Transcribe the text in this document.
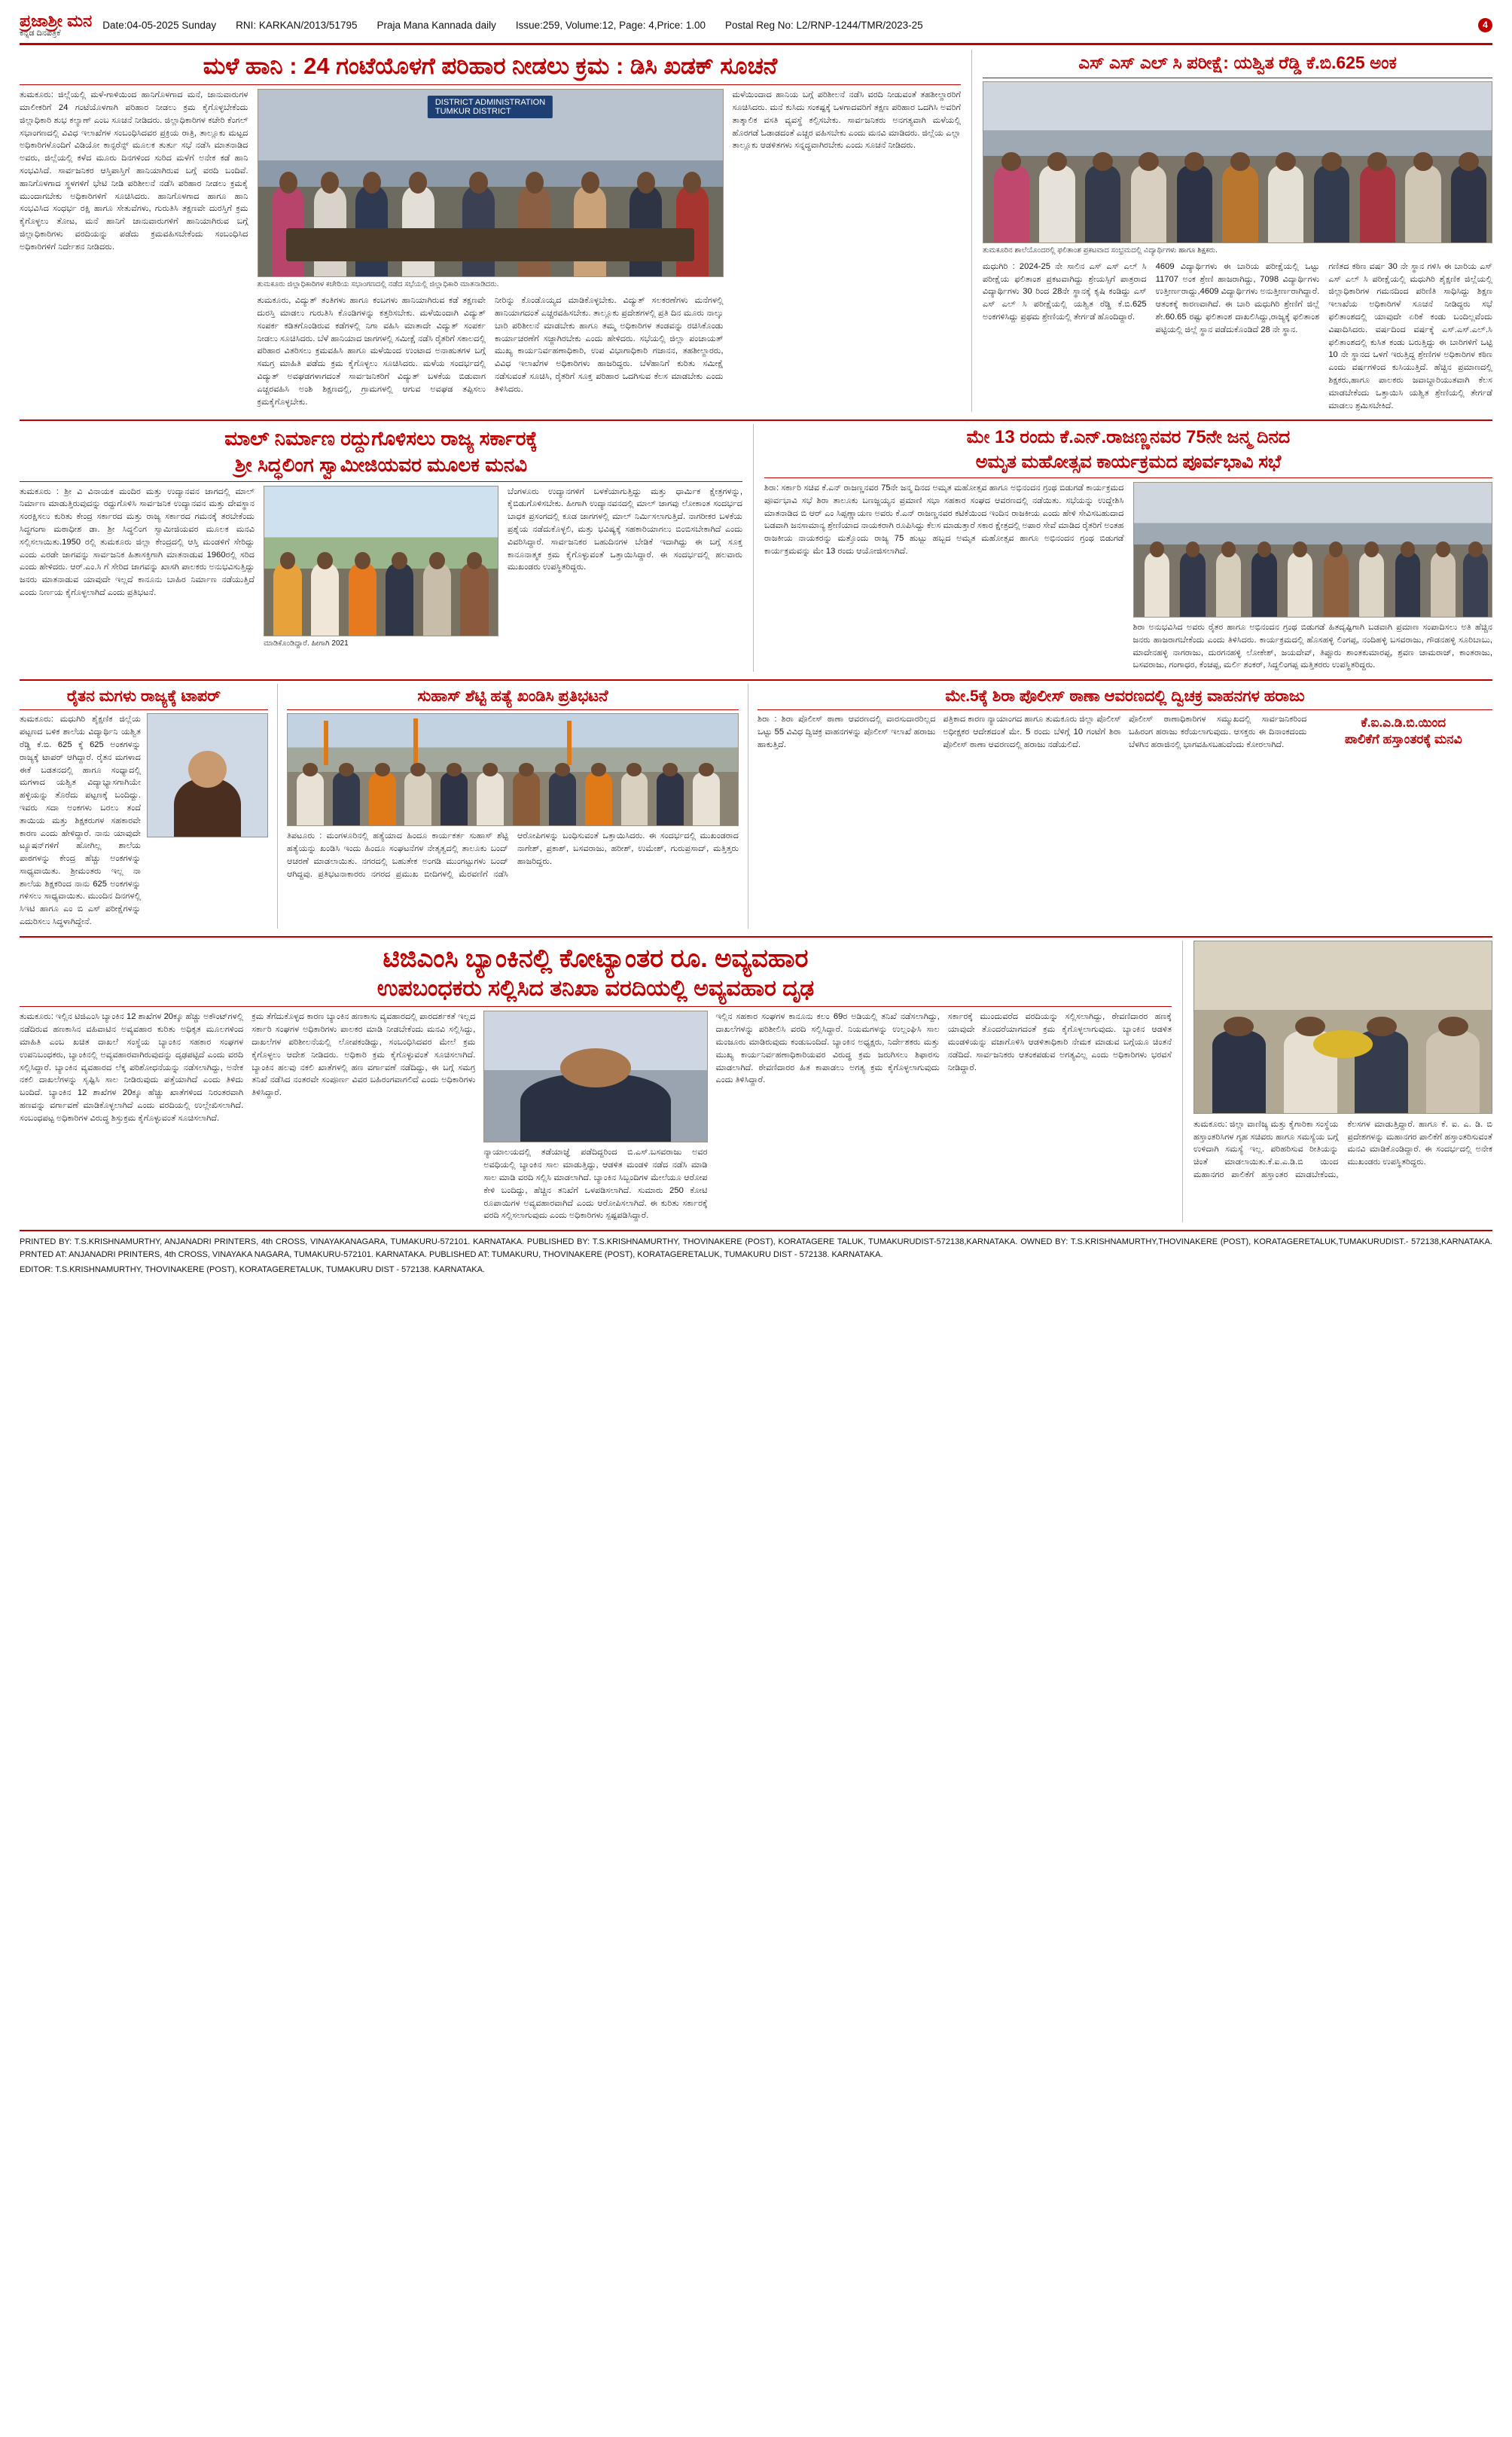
ಪ್ರಜಾಶ್ರೀ ಮನ
ಕನ್ನಡ ದಿನಪತ್ರಿಕೆ
Date:04-05-2025 Sunday RNI: KARKAN/2013/51795 Praja Mana Kannada daily Issue:259, Volume:12, Page: 4,Price: 1.00 Postal Reg No: L2/RNP-1244/TMR/2023-25	4
ಮಳೆ ಹಾನಿ : 24 ಗಂಟೆಯೊಳಗೆ ಪರಿಹಾರ ನೀಡಲು ಕ್ರಮ : ಡಿಸಿ ಖಡಕ್ ಸೂಚನೆ
ತುಮಕೂರು: ಜಿಲ್ಲೆಯಲ್ಲಿ ಮಳೆ-ಗಾಳಿಯಿಂದ ಹಾನಿಗೊಳಗಾದ ಮನೆ, ಜಾನುವಾರುಗಳ ಮಾಲೀಕರಿಗೆ 24 ಗಂಟೆಯೊಳಗಾಗಿ ಪರಿಹಾರ ನೀಡಲು ಕ್ರಮ ಕೈಗೊಳ್ಳಬೇಕೆಂದು ಜಿಲ್ಲಾಧಿಕಾರಿ ಶುಭ ಕಲ್ಯಾಣ್ ಎಂಬ ಸೂಚನೆ ನೀಡಿದರು. ಜಿಲ್ಲಾಧಿಕಾರಿಗಳ ಕಚೇರಿ ಕೆಂಗಲ್ ಸಭಾಂಗಣದಲ್ಲಿ ವಿವಿಧ ಇಲಾಖೆಗಳ ಸಂಬಂಧಿಸಿದವರ ಪ್ರಕ್ರಿಯ ರಾತ್ರಿ, ತಾಲ್ಲೂಕು ಮಟ್ಟದ ಅಧಿಕಾರಿಗಳೊಂದಿಗೆ ವಿಡಿಯೋ ಕಾನ್ಫರೆನ್ಸ್ ಮೂಲಕ ತುರ್ತು ಸಭೆ ನಡೆಸಿ ಮಾತನಾಡಿದ ಅವರು, ಜಿಲ್ಲೆಯಲ್ಲಿ ಕಳೆದ ಮೂರು ದಿನಗಳಿಂದ ಸುರಿದ ಮಳೆಗೆ ಅನೇಕ ಕಡೆ ಹಾನಿ ಸಂಭವಿಸಿದೆ. ಸಾರ್ವಜನಿಕರ ಆಸ್ತಿಪಾಸ್ತಿಗೆ ಹಾನಿಯಾಗಿರುವ ಬಗ್ಗೆ ವರದಿ ಬಂದಿವೆ. ಹಾನಿಗೊಳಗಾದ ಸ್ಥಳಗಳಿಗೆ ಭೇಟಿ ನೀಡಿ ಪರಿಶೀಲನೆ ನಡೆಸಿ ಪರಿಹಾರ ನೀಡಲು ಕ್ರಮಕೈ ಮುಂದಾಗಬೇಕು ಅಧಿಕಾರಿಗಳಿಗೆ ಸೂಚಿಸಿದರು. ಹಾನಿಗೊಳಗಾದ ಹಾಗೂ ಹಾನಿ ಸಂಭವಿಸಿದ ಸಂಧರ್ಭ ರಕ್ಷಿ ಹಾಗೂ ಸೇತುವೆಗಳು, ಗುರುತಿಸಿ ತಕ್ಷಣವೇ ದುರಸ್ತಿಗೆ ಕ್ರಮ ಕೈಗೊಳ್ಳಲು ತೋಟ, ಮನೆ ಹಾನಿಗೆ ಜಾನುವಾರುಗಳಿಗೆ ಹಾನಿಯಾಗಿರುವ ಬಗ್ಗೆ ಜಿಲ್ಲಾಧಿಕಾರಿಗಳು ವರದಿಯನ್ನು ಪಡೆದು ಕ್ರಮವಹಿಸಬೇಕೆಂದು ಸಂಬಂಧಿಸಿದ ಅಧಿಕಾರಿಗಳಿಗೆ ನಿರ್ದೇಶನ ನೀಡಿದರು.
DISTRICT ADMINISTRATION
TUMKUR DISTRICT
ತುಮಕೂರು ಜಿಲ್ಲಾಧಿಕಾರಿಗಳ ಕಚೇರಿಯ ಸಭಾಂಗಣದಲ್ಲಿ ನಡೆದ ಸಭೆಯಲ್ಲಿ ಜಿಲ್ಲಾಧಿಕಾರಿ ಮಾತನಾಡಿದರು.
ತುಮಕೂರು, ವಿದ್ಯುತ್ ತಂತಿಗಳು ಹಾಗೂ ಕಂಬಗಳು ಹಾನಿಯಾಗಿರುವ ಕಡೆ ತಕ್ಷಣವೇ ದುರಸ್ತಿ ಮಾಡಲು ಗುರುತಿಸಿ ಕೊಂಡಿಗಳನ್ನು ಕತ್ತರಿಸಬೇಕು. ಮಳೆಯಿಂದಾಗಿ ವಿದ್ಯುತ್ ಸಂಪರ್ಕ ಕಡಿತಗೊಂಡಿರುವ ಕಡೆಗಳಲ್ಲಿ ನಿಗಾ ವಹಿಸಿ ಮಾತಾದೇ ವಿದ್ಯುತ್ ಸಂಪರ್ಕ ನೀಡಲು ಸೂಚಿಸಿದರು. ಬೆಳೆ ಹಾನಿಯಾದ ಜಾಗಗಳಲ್ಲಿ ಸಮೀಕ್ಷೆ ನಡೆಸಿ ರೈತರಿಗೆ ಸಕಾಲದಲ್ಲಿ ಪರಿಹಾರ ವಿತರಿಸಲು ಕ್ರಮವಹಿಸಿ ಹಾಗೂ ಮಳೆಯಿಂದ ಉಂಟಾದ ಅನಾಹುತಗಳ ಬಗ್ಗೆ ಸಮಗ್ರ ಮಾಹಿತಿ ಪಡೆದು ಕ್ರಮ ಕೈಗೊಳ್ಳಲು ಸೂಚಿಸಿದರು. ಮಳೆಯ ಸಂದರ್ಭದಲ್ಲಿ ವಿದ್ಯುತ್ ಅವಘಡಗಳಾಗದಂತೆ ಸಾರ್ವಜನಿಕರಿಗೆ ವಿದ್ಯುತ್ ಬಳಕೆಯ ಬಿಡುವಾಗ ಎಚ್ಚರವಹಿಸಿ ಅಂಶಿ ಶಿಕ್ಷಣದಲ್ಲಿ, ಗ್ರಾಮಗಳಲ್ಲಿ ಆಗುವ ಅವಘಡ ತಪ್ಪಿಸಲು ಕ್ರಮಕೈಗೊಳ್ಳಬೇಕು.
ನೀರಿನ್ನು ಕೊಂಡೊಯ್ಯದ ಮಾಡಿಕೊಳ್ಳಬೇಕು. ವಿದ್ಯುತ್ ಸಲಕರಣೆಗಳು ಮನೆಗಳಲ್ಲಿ ಹಾನಿಯಾಗದಂತೆ ಎಚ್ಚರವಹಿಸಬೇಕು. ತಾಲ್ಲೂಕು ಪ್ರದೇಶಗಳಲ್ಲಿ ಪ್ರತಿ ದಿನ ಮೂರು ನಾಲ್ಕು ಬಾರಿ ಪರಿಶೀಲನೆ ಮಾಡಬೇಕು ಹಾಗೂ ತಮ್ಮ ಅಧಿಕಾರಿಗಳ ತಂಡವನ್ನು ರಚಿಸಿಕೊಂಡು ಕಾರ್ಯಾಚರಣೆಗೆ ಸಜ್ಜಾಗಿರಬೇಕು ಎಂದು ಹೇಳಿದರು. ಸಭೆಯಲ್ಲಿ ಜಿಲ್ಲಾ ಪಂಚಾಯತ್ ಮುಖ್ಯ ಕಾರ್ಯನಿರ್ವಹಣಾಧಿಕಾರಿ, ಉಪ ವಿಭಾಗಾಧಿಕಾರಿ ಗಜಾನನ, ತಹಶೀಲ್ದಾರರು, ವಿವಿಧ ಇಲಾಖೆಗಳ ಅಧಿಕಾರಿಗಳು ಹಾಜರಿದ್ದರು. ಬೆಳೆಹಾನಿಗೆ ಕುರಿತು ಸಮೀಕ್ಷೆ ನಡೆಸುವಂತೆ ಸೂಚಿಸಿ, ರೈತರಿಗೆ ಸೂಕ್ತ ಪರಿಹಾರ ಒದಗಿಸುವ ಕೆಲಸ ಮಾಡಬೇಕು ಎಂದು ತಿಳಿಸಿದರು.
ಮಳೆಯಿಂದಾದ ಹಾನಿಯ ಬಗ್ಗೆ ಪರಿಶೀಲನೆ ನಡೆಸಿ ವರದಿ ನೀಡುವಂತೆ ತಹಶೀಲ್ದಾರರಿಗೆ ಸೂಚಿಸಿದರು. ಮನೆ ಕುಸಿದು ಸಂಕಷ್ಟಕ್ಕೆ ಒಳಗಾದವರಿಗೆ ತಕ್ಷಣ ಪರಿಹಾರ ಒದಗಿಸಿ ಅವರಿಗೆ ತಾತ್ಕಾಲಿಕ ವಸತಿ ವ್ಯವಸ್ಥೆ ಕಲ್ಪಿಸಬೇಕು. ಸಾರ್ವಜನಿಕರು ಅನಗತ್ಯವಾಗಿ ಮಳೆಯಲ್ಲಿ ಹೊರಗಡೆ ಓಡಾಡದಂತೆ ಎಚ್ಚರ ವಹಿಸಬೇಕು ಎಂದು ಮನವಿ ಮಾಡಿದರು. ಜಿಲ್ಲೆಯ ಎಲ್ಲಾ ತಾಲ್ಲೂಕು ಆಡಳಿತಗಳು ಸನ್ನದ್ಧವಾಗಿರಬೇಕು ಎಂದು ಸೂಚನೆ ನೀಡಿದರು.
ಎಸ್ ಎಸ್ ಎಲ್ ಸಿ ಪರೀಕ್ಷೆ: ಯಶ್ವಿತ ರೆಡ್ಡಿ ಕೆ.ಬಿ.625 ಅಂಕ
ತುಮಕೂರಿನ ಶಾಲೆಯೊಂದರಲ್ಲಿ ಫಲಿತಾಂಶ ಪ್ರಕಟವಾದ ಸಂಭ್ರಮದಲ್ಲಿ ವಿದ್ಯಾರ್ಥಿಗಳು ಹಾಗೂ ಶಿಕ್ಷಕರು.
ಮಧುಗಿರಿ : 2024-25 ನೇ ಸಾಲಿನ ಎಸ್ ಎಸ್ ಎಲ್ ಸಿ ಪರೀಕ್ಷೆಯ ಫಲಿತಾಂಶ ಪ್ರಕಟವಾಗಿದ್ದು ಶ್ರೇಯಸ್ಸಿಗೆ ಪಾತ್ರರಾದ ವಿದ್ಯಾರ್ಥಿಗಳು 30 ರಿಂದ 28ನೇ ಸ್ಥಾನಕ್ಕೆ ಕೃಷಿ ಕಂಡಿದ್ದು ಎಸ್ ಎಸ್ ಎಲ್ ಸಿ ಪರೀಕ್ಷೆಯಲ್ಲಿ ಯಶ್ವಿತ ರೆಡ್ಡಿ ಕೆ.ಬಿ.625 ಅಂಕಗಳಿಸಿದ್ದು ಪ್ರಥಮ ಶ್ರೇಣಿಯಲ್ಲಿ ತೇರ್ಗಡೆ ಹೊಂದಿದ್ದಾರೆ.
4609 ವಿದ್ಯಾರ್ಥಿಗಳು ಈ ಬಾರಿಯ ಪರೀಕ್ಷೆಯಲ್ಲಿ ಒಟ್ಟು 11707 ಅಂಕ ಶ್ರೇಣಿ ಹಾಜರಾಗಿದ್ದು, 7098 ವಿದ್ಯಾರ್ಥಿಗಳು ಉತ್ತೀರ್ಣರಾದ್ದು,4609 ವಿದ್ಯಾರ್ಥಿಗಳು ಅನುತ್ತೀರ್ಣರಾಗಿದ್ದಾರೆ. ಆತಂಕಕ್ಕೆ ಕಾರಣವಾಗಿದೆ. ಈ ಬಾರಿ ಮಧುಗಿರಿ ಶ್ರೇಣಿಗೆ ಜಿಲ್ಲೆ ಶೇ.60.65 ರಷ್ಟು ಫಲಿತಾಂಶ ದಾಖಲಿಸಿದ್ದು,ರಾಜ್ಯಕ್ಕೆ ಫಲಿತಾಂಶ ಪಟ್ಟಿಯಲ್ಲಿ ಜಿಲ್ಲೆ ಸ್ಥಾನ ಪಡೆದುಕೊಂಡಿದೆ 28 ನೇ ಸ್ಥಾನ.
ಗಣಿತದ ಕಠಿಣ ವರ್ಷ 30 ನೇ ಸ್ಥಾನ ಗಳಿಸಿ ಈ ಬಾರಿಯ ಎಸ್ ಎಸ್ ಎಲ್ ಸಿ ಪರೀಕ್ಷೆಯಲ್ಲಿ ಮಧುಗಿರಿ ಶೈಕ್ಷಣಿಕ ಜಿಲ್ಲೆಯಲ್ಲಿ ಜಿಲ್ಲಾಧಿಕಾರಿಗಳ ಗಮನದಿಂದ ಪರಿಣಿತಿ ಸಾಧಿಸಿದ್ದು ಶಿಕ್ಷಣ ಇಲಾಖೆಯ ಅಧಿಕಾರಿಗಳೆ ಸೂಚನೆ ನೀಡಿದ್ದರು ಸಭೆ ಫಲಿತಾಂಶದಲ್ಲಿ ಯಾವುದೇ ಏರಿಕೆ ಕಂಡು ಬಂದಿಲ್ಲವೆಂದು ವಿಷಾದಿಸಿದರು. ವರ್ಷದಿಂದ ವರ್ಷಕ್ಕೆ ಎಸ್.ಎಸ್.ಎಲ್.ಸಿ ಫಲಿತಾಂಶದಲ್ಲಿ ಕುಸಿತ ಕಂಡು ಬರುತ್ತಿದ್ದು ಈ ಬಾರಿಗಳಿಗೆ ಒಟ್ಟಿ 10 ನೇ ಸ್ಥಾನದ ಒಳಗೆ ಇರುತ್ತಿದ್ದ ಶ್ರೇಣಿಗಳ ಅಧಿಕಾರಿಗಳ ಕಠಿಣ ಎಂದು ವರ್ಷಗಳಿಂದ ಕುಸಿಯುತ್ತಿದೆ. ಹೆಚ್ಚಿನ ಪ್ರಮಾಣದಲ್ಲಿ ಶಿಕ್ಷಕರು,ಹಾಗೂ ಪಾಲಕರು ಜವಾಬ್ದಾರಿಯುತವಾಗಿ ಕೆಲಸ ಮಾಡಬೇಕೆಂದು ಒತ್ತಾಯಿಸಿ ಯಶ್ವಿತ ಶ್ರೇಣಿಯಲ್ಲಿ ತೇರ್ಗಡೆ ಮಾಡಲು ಶ್ರಮಿಸಬೇಕಿದೆ.
ಮಾಲ್ ನಿರ್ಮಾಣ ರದ್ದುಗೊಳಿಸಲು ರಾಜ್ಯ ಸರ್ಕಾರಕ್ಕೆ
ಶ್ರೀ ಸಿದ್ಧಲಿಂಗ ಸ್ವಾಮೀಜಿಯವರ ಮೂಲಕ ಮನವಿ
ತುಮಕೂರು : ಶ್ರೀ ವಿ ವಿನಾಯಕ ಮಂದಿರ ಮತ್ತು ಉದ್ಯಾನವನ ಜಾಗದಲ್ಲಿ ಮಾಲ್ ನಿರ್ಮಾಣ ಮಾಡುತ್ತಿರುವುದನ್ನು ರದ್ದುಗೊಳಿಸಿ ಸಾರ್ವಜನಿಕ ಉದ್ಯಾನವನ ಮತ್ತು ದೇವಸ್ಥಾನ ಸಂರಕ್ಷಿಸಲು ಕುರಿತು ಕೇಂದ್ರ ಸರ್ಕಾರದ ಮತ್ತು ರಾಜ್ಯ ಸರ್ಕಾರದ ಗಮನಕ್ಕೆ ತರಬೇಕೆಂದು ಸಿದ್ಧಗಂಗಾ ಮಠಾಧೀಶ ಡಾ. ಶ್ರೀ ಸಿದ್ಧಲಿಂಗ ಸ್ವಾಮೀಜಿಯವರ ಮೂಲಕ ಮನವಿ ಸಲ್ಲಿಸಲಾಯಿತು.1950 ರಲ್ಲಿ ತುಮಕೂರು ಜಿಲ್ಲಾ ಕೇಂದ್ರದಲ್ಲಿ ಆಸ್ತಿ ಮಂಡಳಿಗೆ ಸೇರಿದ್ದು ಎಂದು ಎರಡೇ ಜಾಗವನ್ನು ಸಾರ್ವಜನಿಕ ಹಿತಾಸಕ್ತಿಗಾಗಿ ಮಾತನಾಡುವ 1960ರಲ್ಲಿ ಸರಿದ ಎಂದು ಹೇಳಿದರು. ಆರ್.ಎಂ.ಸಿ ಗೆ ಸೇರಿದ ಜಾಗವನ್ನು ಖಾಸಗಿ ಪಾಲಕರು ಅನುಭವಿಸುತ್ತಿದ್ದು ಜನರು ಮಾತನಾಡುವ ಯಾವುದೇ ಇಲ್ಲದೆ ಕಾನೂನು ಬಾಹಿರ ನಿರ್ಮಾಣ ನಡೆಯುತ್ತಿದೆ ಎಂದು ನಿರ್ಣಯ ಕೈಗೊಳ್ಳಲಾಗಿದೆ ಎಂದು ಪ್ರತಿಭಟನೆ.
ಮಾಡಿಕೊಂಡಿದ್ದಾರೆ. ಹೀಗಾಗಿ 2021
ಬೆಂಗಳೂರು ಉದ್ಯಾನಗಳಿಗೆ ಬಳಕೆಯಾಗುತ್ತಿದ್ದು ಮತ್ತು ಧಾರ್ಮಿಕ ಕ್ಷೇತ್ರಗಳನ್ನು, ಕೈಬಿಡುಗೊಳಿಸಬೇಕು. ಹೀಗಾಗಿ ಉದ್ಯಾನವನದಲ್ಲಿ ಮಾಲ್ ಜಾಗವು ಲೋಕಾಂತ ಸಂದರ್ಭದ ಬಾಧಕ ಪ್ರಸಂಗದಲ್ಲಿ ಕೂಡ ಜಾಗಗಳಲ್ಲಿ ಮಾಲ್ ನಿರ್ಮಿಸಲಾಗುತ್ತಿದೆ. ನಾಗರೀಕರ ಬಳಕೆಯ ಪ್ರಶ್ನೆಯ ನಡೆದುಕೊಳ್ಳಲಿ, ಮತ್ತು ಭವಿಷ್ಯಕ್ಕೆ ಸಹಕಾರಿಯಾಗಲು ಬಿಂಬಿಸಬೇಕಾಗಿದೆ ಎಂದು ವಿವರಿಸಿದ್ದಾರೆ. ಸಾರ್ವಜನಿಕರ ಬಹುದಿನಗಳ ಬೇಡಿಕೆ ಇದಾಗಿದ್ದು ಈ ಬಗ್ಗೆ ಸೂಕ್ತ ಕಾನೂನಾತ್ಮಕ ಕ್ರಮ ಕೈಗೊಳ್ಳುವಂತೆ ಒತ್ತಾಯಿಸಿದ್ದಾರೆ. ಈ ಸಂದರ್ಭದಲ್ಲಿ ಹಲವಾರು ಮುಖಂಡರು ಉಪಸ್ಥಿತರಿದ್ದರು.
ಮೇ 13 ರಂದು ಕೆ.ಎನ್.ರಾಜಣ್ಣನವರ 75ನೇ ಜನ್ಮ ದಿನದ
ಅಮೃತ ಮಹೋತ್ಸವ ಕಾರ್ಯಕ್ರಮದ ಪೂರ್ವಭಾವಿ ಸಭೆ
ಶಿರಾ: ಸರ್ಕಾರಿ ಸಚಿವ ಕೆ.ಎನ್ ರಾಜಣ್ಣನವರ 75ನೇ ಜನ್ಮ ದಿನದ ಅಮೃತ ಮಹೋತ್ಸವ ಹಾಗೂ ಅಭಿನಂದನ ಗ್ರಂಥ ಬಿಡುಗಡೆ ಕಾರ್ಯಕ್ರಮದ ಪೂರ್ವಭಾವಿ ಸಭೆ ಶಿರಾ ತಾಲೂಕು ಬಣಜ್ಜಯ್ಯನ ಪ್ರಮಾಣಿ ಸಭಾ ಸಹಕಾರ ಸಂಘದ ಆವರಣದಲ್ಲಿ ನಡೆಯಿತು. ಸಭೆಯನ್ನು ಉದ್ದೇಶಿಸಿ ಮಾತನಾಡಿದ ಬಿ ಆರ್ ಎಂ ಸಿಪ್ಪಣ್ಣಾಯಣ ಅವರು ಕೆ.ಎನ್ ರಾಜಣ್ಣನವರ ಕಟಿಕೆಯಿಂದ ಇಂದಿನ ರಾಜಕೀಯ ಎಂದು ಹೇಳಿ ಸೇವಿಸಬಹುದಾದ ಬಡವಾಗಿ ಜನಸಾಮಾನ್ಯ ಶ್ರೇಣಿಯಾದ ನಾಯಕರಾಗಿ ರೂಪಿಸಿದ್ದು ಕೆಲಸ ಮಾಡುತ್ತಾರೆ ಸಕಾರ ಕ್ಷೇತ್ರದಲ್ಲಿ ಅಪಾರ ಸೇವೆ ಮಾಡಿದ ರೈತರಿಗೆ ಅಂತಹ ರಾಜಕೀಯ ನಾಯಕರನ್ನು ಮತ್ತೊಂದು ರಾಜ್ಯ 75 ಹುಟ್ಟು ಹಬ್ಬದ ಅಮೃತ ಮಹೋತ್ಸವ ಹಾಗೂ ಅಭಿನಂದನ ಗ್ರಂಥ ಬಿಡುಗಡೆ ಕಾರ್ಯಕ್ರಮವನ್ನು ಮೇ 13 ರಂದು ಆಯೋಜಿಸಲಾಗಿದೆ.
ಶಿರಾ ಅನುಭವಿಸಿದ ಅವರು ರೈತರ ಹಾಗೂ ಅಭಿನಂದನ ಗ್ರಂಥ ಬಿಡುಗಡೆ ಹಿತದೃಷ್ಟಿಗಾಗಿ ಬಡವಾಗಿ ಪ್ರಮಾಣ ಸಂಪಾದಿಸಲು ಅತಿ ಹೆಚ್ಚಿನ ಜನರು ಹಾಜರಾಗಬೇಕೆಂದು ಎಂದು ತಿಳಿಸಿದರು. ಕಾರ್ಯಕ್ರಮದಲ್ಲಿ ಹೊಸಹಳ್ಳಿ ಲಿಂಗಪ್ಪ, ನಂದಿಹಳ್ಳಿ ಬಸವರಾಜು, ಗೌಡನಹಳ್ಳಿ ಸೂರಿಬಾಬು, ಮಾದೇನಹಳ್ಳಿ ನಾಗರಾಜು, ದುರಗನಹಳ್ಳಿ ಲೋಕೇಶ್, ಜಯದೇವ್, ತಿಪ್ಪೂರು ಶಾಂತಕುಮಾರಪ್ಪ, ಶ್ರವಣ ಚಾಮರಾಜ್, ಕಾಂತರಾಜು, ಬಸವರಾಜು, ಗಂಗಾಧರ, ಕೆಂಚಪ್ಪ, ಮರ್ಲಿ ಶಂಕರ್, ಸಿದ್ದಲಿಂಗಪ್ಪ ಮತ್ತಿತರರು ಉಪಸ್ಥಿತರಿದ್ದರು.
ರೈತನ ಮಗಳು ರಾಜ್ಯಕ್ಕೆ ಟಾಪರ್
ತುಮಕೂರು: ಮಧುಗಿರಿ ಶೈಕ್ಷಣಿಕ ಜಿಲ್ಲೆಯ ಪಟ್ಟಣದ ಬಳಿಕ ಶಾಲೆಯ ವಿದ್ಯಾರ್ಥಿನಿ ಯಶ್ವಿತ ರೆಡ್ಡಿ ಕೆ.ಬಿ. 625 ಕ್ಕೆ 625 ಅಂಕಗಳನ್ನು ರಾಜ್ಯಕ್ಕೆ ಟಾಪರ್ ಆಗಿದ್ದಾರೆ. ರೈತನ ಮಗಳಾದ ಈಕೆ ಬಡತನದಲ್ಲಿ ಹಾಗೂ ಸಂಧ್ಯಾದಲ್ಲಿ ಮಗಳಾದ ಯಶ್ವಿತ ವಿದ್ಯಾಭ್ಯಾಸಗಾಗಿಯೇ ಹಳ್ಳಿಯನ್ನು ತೊರೆದು ಪಟ್ಟಣಕ್ಕೆ ಬಂದಿದ್ದು. ಇವರು ಸದಾ ಅಂಕಗಳು ಬರಲು ತಂದೆ ತಾಯಿಯ ಮತ್ತು ಶಿಕ್ಷಕರುಗಳ ಸಹಕಾರವೇ ಕಾರಣ ಎಂದು ಹೇಳಿದ್ದಾರೆ. ನಾನು ಯಾವುದೇ ಟ್ಯೂಷನ್‌ಗಳಿಗೆ ಹೋಗಿಲ್ಲ ಶಾಲೆಯ ಪಾಠಗಳನ್ನು ಕೇಂದ್ರ ಹೆಚ್ಚು ಅಂಕಗಳನ್ನು ಸಾಧ್ಯವಾಯಿತು. ಶ್ರೀಮಂತರು ಇಲ್ಲ ನಾ ಶಾಲೆಯ ಶಿಕ್ಷಕರಿಂದ ನಾನು 625 ಅಂಕಗಳನ್ನು ಗಳಿಸಲು ಸಾಧ್ಯವಾಯಿತು. ಮುಂದಿನ ದಿನಗಳಲ್ಲಿ ಸಿಇಟಿ ಹಾಗೂ ಎಂ ಬಿ ಎಸ್ ಪರೀಕ್ಷೆಗಳನ್ನು ಎದುರಿಸಲು ಸಿದ್ಧಳಾಗಿದ್ದೇನೆ.
ಸುಹಾಸ್ ಶೆಟ್ಟಿ ಹತ್ಯೆ ಖಂಡಿಸಿ ಪ್ರತಿಭಟನೆ
ತಿಪಟೂರು : ಮಂಗಳೂರಿನಲ್ಲಿ ಹತ್ಯೆಯಾದ ಹಿಂದೂ ಕಾರ್ಯಕರ್ತ ಸುಹಾಸ್ ಶೆಟ್ಟಿ ಹತ್ಯೆಯನ್ನು ಖಂಡಿಸಿ ಇಂದು ಹಿಂದೂ ಸಂಘಟನೆಗಳ ನೇತೃತ್ವದಲ್ಲಿ ತಾಲೂಕು ಬಂದ್ ಆಚರಣೆ ಮಾಡಲಾಯಿತು. ನಗರದಲ್ಲಿ ಬಹುತೇಕ ಅಂಗಡಿ ಮುಂಗಟ್ಟುಗಳು ಬಂದ್ ಆಗಿದ್ದವು. ಪ್ರತಿಭಟನಾಕಾರರು ನಗರದ ಪ್ರಮುಖ ಬೀದಿಗಳಲ್ಲಿ ಮೆರವಣಿಗೆ ನಡೆಸಿ ಆರೋಪಿಗಳನ್ನು ಬಂಧಿಸುವಂತೆ ಒತ್ತಾಯಿಸಿದರು. ಈ ಸಂದರ್ಭದಲ್ಲಿ ಮುಖಂಡರಾದ ನಾಗೇಶ್, ಪ್ರಕಾಶ್, ಬಸವರಾಜು, ಹರೀಶ್, ಉಮೇಶ್, ಗುರುಪ್ರಸಾದ್, ಮತ್ತಿತ್ತರು ಹಾಜರಿದ್ದರು.
ಮೇ.5ಕ್ಕೆ ಶಿರಾ ಪೊಲೀಸ್ ಠಾಣಾ ಆವರಣದಲ್ಲಿ ದ್ವಿಚಕ್ರ ವಾಹನಗಳ ಹರಾಜು
ಶಿರಾ : ಶಿರಾ ಪೊಲೀಸ್ ಠಾಣಾ ಆವರಣದಲ್ಲಿ ವಾರಸುದಾರರಿಲ್ಲದ ಒಟ್ಟು 55 ವಿವಿಧ ದ್ವಿಚಕ್ರ ವಾಹನಗಳನ್ನು ಪೊಲೀಸ್ ಇಲಾಖೆ ಹರಾಜು ಹಾಕುತ್ತಿದೆ.
ಪತ್ರಿಕಾದ ಕಾರಣ ನ್ಯಾಯಾಂಗದ ಹಾಗೂ ತುಮಕೂರು ಜಿಲ್ಲಾ ಪೊಲೀಸ್ ಅಧೀಕ್ಷಕರ ಆದೇಶದಂತೆ ಮೇ. 5 ರಂದು ಬೆಳಿಗ್ಗೆ 10 ಗಂಟೆಗೆ ಶಿರಾ ಪೊಲೀಸ್ ಠಾಣಾ ಆವರಣದಲ್ಲಿ ಹರಾಜು ನಡೆಯಲಿದೆ.
ಪೊಲೀಸ್ ಠಾಣಾಧಿಕಾರಿಗಳ ಸಮ್ಮುಖದಲ್ಲಿ ಸಾರ್ವಜನಿಕರಿಂದ ಬಹಿರಂಗ ಹರಾಜು ಕರೆಯಲಾಗುವುದು. ಆಸಕ್ತರು ಈ ದಿನಾಂಕದಂದು ಬೆಳಗಿನ ಹರಾಜಿನಲ್ಲಿ ಭಾಗವಹಿಸಬಹುದೆಂದು ಕೋರಲಾಗಿದೆ.
ಕೆ.ಐ.ಎ.ಡಿ.ಬಿ.ಯಿಂದ
ಪಾಲಿಕೆಗೆ ಹಸ್ತಾಂತರಕ್ಕೆ ಮನವಿ
ಟಿಜಿಎಂಸಿ ಬ್ಯಾಂಕಿನಲ್ಲಿ ಕೋಟ್ಯಾಂತರ ರೂ. ಅವ್ಯವಹಾರ
ಉಪಬಂಧಕರು ಸಲ್ಲಿಸಿದ ತನಿಖಾ ವರದಿಯಲ್ಲಿ ಅವ್ಯವಹಾರ ದೃಢ
ತುಮಕೂರು: ಇಲ್ಲಿನ ಟಿಜಿಎಂಸಿ ಬ್ಯಾಂಕಿನ 12 ಶಾಖೆಗಳ 20ಕ್ಕೂ ಹೆಚ್ಚು ಅಕೌಂಟ್‌ಗಳಲ್ಲಿ ನಡೆದಿರುವ ಹಣಕಾಸಿನ ವಹಿವಾಟಿನ ಅವ್ಯವಹಾರ ಕುರಿತು ಅಧಿಕೃತ ಮೂಲಗಳಿಂದ ಮಾಹಿತಿ ಎಂಬ ಖಚಿತ ದಾಖಲೆ ಸಂಸ್ಥೆಯ ಬ್ಯಾಂಕಿನ ಸಹಕಾರ ಸಂಘಗಳ ಉಪನಿಬಂಧಕರು, ಬ್ಯಾಂಕಿನಲ್ಲಿ ಅವ್ಯವಹಾರವಾಗಿರುವುದನ್ನು ದೃಢಪಟ್ಟಿದೆ ಎಂದು ವರದಿ ಸಲ್ಲಿಸಿದ್ದಾರೆ. ಬ್ಯಾಂಕಿನ ವ್ಯವಹಾರದ ಲೆಕ್ಕ ಪರಿಶೋಧನೆಯನ್ನು ನಡೆಸಲಾಗಿದ್ದು, ಅನೇಕ ನಕಲಿ ದಾಖಲೆಗಳನ್ನು ಸೃಷ್ಟಿಸಿ ಸಾಲ ನೀಡಿರುವುದು ಪತ್ತೆಯಾಗಿದೆ ಎಂದು ತಿಳಿದು ಬಂದಿದೆ. ಬ್ಯಾಂಕಿನ 12 ಶಾಖೆಗಳ 20ಕ್ಕೂ ಹೆಚ್ಚು ಖಾತೆಗಳಿಂದ ನಿರಂತರವಾಗಿ ಹಣವನ್ನು ವರ್ಗಾವಣೆ ಮಾಡಿಕೊಳ್ಳಲಾಗಿದೆ ಎಂದು ವರದಿಯಲ್ಲಿ ಉಲ್ಲೇಖಿಸಲಾಗಿದೆ. ಸಂಬಂಧಪಟ್ಟ ಅಧಿಕಾರಿಗಳ ವಿರುದ್ಧ ಶಿಸ್ತುಕ್ರಮ ಕೈಗೊಳ್ಳುವಂತೆ ಸೂಚಿಸಲಾಗಿದೆ.
ಕ್ರಮ ತೆಗೆದುಕೊಳ್ಳದ ಕಾರಣ ಬ್ಯಾಂಕಿನ ಹಣಕಾಸು ವ್ಯವಹಾರದಲ್ಲಿ ಪಾರದರ್ಶಕತೆ ಇಲ್ಲದ ಸರ್ಕಾರಿ ಸಂಘಗಳ ಅಧಿಕಾರಿಗಳು ಪಾಲಕರ ಮಾಡಿ ನೀಡಬೇಕೆಂದು ಮನವಿ ಸಲ್ಲಿಸಿದ್ದು, ದಾಖಲೆಗಳ ಪರಿಶೀಲನೆಯಲ್ಲಿ ಲೋಪಕಂಡಿದ್ದು, ಸಂಬಂಧಿಸಿದವರ ಮೇಲೆ ಕ್ರಮ ಕೈಗೊಳ್ಳಲು ಆದೇಶ ನೀಡಿದರು. ಅಧಿಕಾರಿ ಕ್ರಮ ಕೈಗೊಳ್ಳುವಂತೆ ಸೂಚಿಸಲಾಗಿದೆ. ಬ್ಯಾಂಕಿನ ಹಲವು ನಕಲಿ ಖಾತೆಗಳಲ್ಲಿ ಹಣ ವರ್ಗಾವಣೆ ನಡೆದಿದ್ದು, ಈ ಬಗ್ಗೆ ಸಮಗ್ರ ತನಿಖೆ ನಡೆಸಿದ ನಂತರವೇ ಸಂಪೂರ್ಣ ವಿವರ ಬಹಿರಂಗವಾಗಲಿದೆ ಎಂದು ಅಧಿಕಾರಿಗಳು ತಿಳಿಸಿದ್ದಾರೆ.
ನ್ಯಾಯಾಲಯದಲ್ಲಿ ತಡೆಯಾಜ್ಞೆ ಪಡೆದಿದ್ದರಿಂದ ಬಿ.ಎಸ್.ಬಸವರಾಜು ಅವರ ಅವಧಿಯಲ್ಲಿ ಬ್ಯಾಂಕಿನ ಸಾಲ ಮಾಡುತ್ತಿದ್ದು, ಆಡಳಿತ ಮಂಡಳಿ ನಡೆದ ನಡೆಸಿ ಮಾಡಿ ಸಾಲ ಮಾಡಿ ವರದಿ ಸಲ್ಲಿಸಿ ಮಾಡಲಾಗಿದೆ. ಬ್ಯಾಂಕಿನ ಸಿಬ್ಬಂದಿಗಳ ಮೇಲೆಯೂ ಆರೋಪ ಕೇಳಿ ಬಂದಿದ್ದು, ಹೆಚ್ಚಿನ ತನಿಖೆಗೆ ಒಳಪಡಿಸಲಾಗಿದೆ. ಸುಮಾರು 250 ಕೋಟಿ ರೂಪಾಯಿಗಳ ಅವ್ಯವಹಾರವಾಗಿದೆ ಎಂದು ಆರೋಪಿಸಲಾಗಿದೆ. ಈ ಕುರಿತು ಸರ್ಕಾರಕ್ಕೆ ವರದಿ ಸಲ್ಲಿಸಲಾಗುವುದು ಎಂದು ಅಧಿಕಾರಿಗಳು ಸ್ಪಷ್ಟಪಡಿಸಿದ್ದಾರೆ.
ಇಲ್ಲಿನ ಸಹಕಾರ ಸಂಘಗಳ ಕಾನೂನು ಕಲಂ 69ರ ಅಡಿಯಲ್ಲಿ ತನಿಖೆ ನಡೆಸಲಾಗಿದ್ದು, ದಾಖಲೆಗಳನ್ನು ಪರಿಶೀಲಿಸಿ ವರದಿ ಸಲ್ಲಿಸಿದ್ದಾರೆ. ನಿಯಮಗಳನ್ನು ಉಲ್ಲಂಘಿಸಿ ಸಾಲ ಮಂಜೂರು ಮಾಡಿರುವುದು ಕಂಡುಬಂದಿದೆ. ಬ್ಯಾಂಕಿನ ಅಧ್ಯಕ್ಷರು, ನಿರ್ದೇಶಕರು ಮತ್ತು ಮುಖ್ಯ ಕಾರ್ಯನಿರ್ವಹಣಾಧಿಕಾರಿಯವರ ವಿರುದ್ಧ ಕ್ರಮ ಜರುಗಿಸಲು ಶಿಫಾರಸು ಮಾಡಲಾಗಿದೆ. ಠೇವಣಿದಾರರ ಹಿತ ಕಾಪಾಡಲು ಅಗತ್ಯ ಕ್ರಮ ಕೈಗೊಳ್ಳಲಾಗುವುದು ಎಂದು ತಿಳಿಸಿದ್ದಾರೆ.
ಸರ್ಕಾರಕ್ಕೆ ಮುಂದುವರೆದ ವರದಿಯನ್ನು ಸಲ್ಲಿಸಲಾಗಿದ್ದು, ಠೇವಣಿದಾರರ ಹಣಕ್ಕೆ ಯಾವುದೇ ತೊಂದರೆಯಾಗದಂತೆ ಕ್ರಮ ಕೈಗೊಳ್ಳಲಾಗುವುದು. ಬ್ಯಾಂಕಿನ ಆಡಳಿತ ಮಂಡಳಿಯನ್ನು ವಜಾಗೊಳಿಸಿ ಆಡಳಿತಾಧಿಕಾರಿ ನೇಮಕ ಮಾಡುವ ಬಗ್ಗೆಯೂ ಚಿಂತನೆ ನಡೆದಿದೆ. ಸಾರ್ವಜನಿಕರು ಆತಂಕಪಡುವ ಅಗತ್ಯವಿಲ್ಲ ಎಂದು ಅಧಿಕಾರಿಗಳು ಭರವಸೆ ನೀಡಿದ್ದಾರೆ.
ತುಮಕೂರು: ಜಿಲ್ಲಾ ವಾಣಿಜ್ಯ ಮತ್ತು ಕೈಗಾರಿಕಾ ಸಂಸ್ಥೆಯ ಹಸ್ತಾಂತರಿಸಿಗಳ ಗೃಹ ಸಚಿವರು ಹಾಗೂ ಸಮಸ್ಯೆಯ ಬಗ್ಗೆ ಉಳಿದಾಗಿ ಸಮಸ್ಯೆ ಇಲ್ಲ. ಪರಿಹರಿಸುವ ರೀತಿಯನ್ನು ಚಿಂತೆ ಮಾಡಲಾಯಿತು.ಕೆ.ಐ.ಎ.ಡಿ.ಬಿ ಯಿಂದ ಮಹಾನಗರ ಪಾಲಿಕೆಗೆ ಹಸ್ತಾಂತರ ಮಾಡಬೇಕೆಂದು, ಕೆಲಸಗಳ ಮಾಡುತ್ತಿದ್ದಾರೆ. ಹಾಗೂ ಕೆ. ಐ. ಎ. ಡಿ. ಬಿ ಪ್ರದೇಶಗಳನ್ನು ಮಹಾನಗರ ಪಾಲಿಕೆಗೆ ಹಸ್ತಾಂತರಿಸುವಂತೆ ಮನವಿ ಮಾಡಿಕೊಂಡಿದ್ದಾರೆ. ಈ ಸಂದರ್ಭದಲ್ಲಿ ಅನೇಕ ಮುಖಂಡರು ಉಪಸ್ಥಿತರಿದ್ದರು.
PRINTED BY: T.S.KRISHNAMURTHY, ANJANADRI PRINTERS, 4th CROSS, VINAYAKANAGARA, TUMAKURU-572101. KARNATAKA. PUBLISHED BY: T.S.KRISHNAMURTHY, THOVINAKERE (POST), KORATAGERE TALUK, TUMAKURUDIST-572138,KARNATAKA. OWNED BY: T.S.KRISHNAMURTHY,THOVINAKERE (POST), KORATAGERETALUK,TUMAKURUDIST.- 572138,KARNATAKA. PRNTED AT: ANJANADRI PRINTERS, 4th CROSS, VINAYAKA NAGARA, TUMAKURU-572101. KARNATAKA. PUBLISHED AT: TUMAKURU, THOVINAKERE (POST), KORATAGERETALUK, TUMAKURU DIST - 572138. KARNATAKA.
EDITOR: T.S.KRISHNAMURTHY, THOVINAKERE (POST), KORATAGERETALUK, TUMAKURU DIST - 572138. KARNATAKA.
